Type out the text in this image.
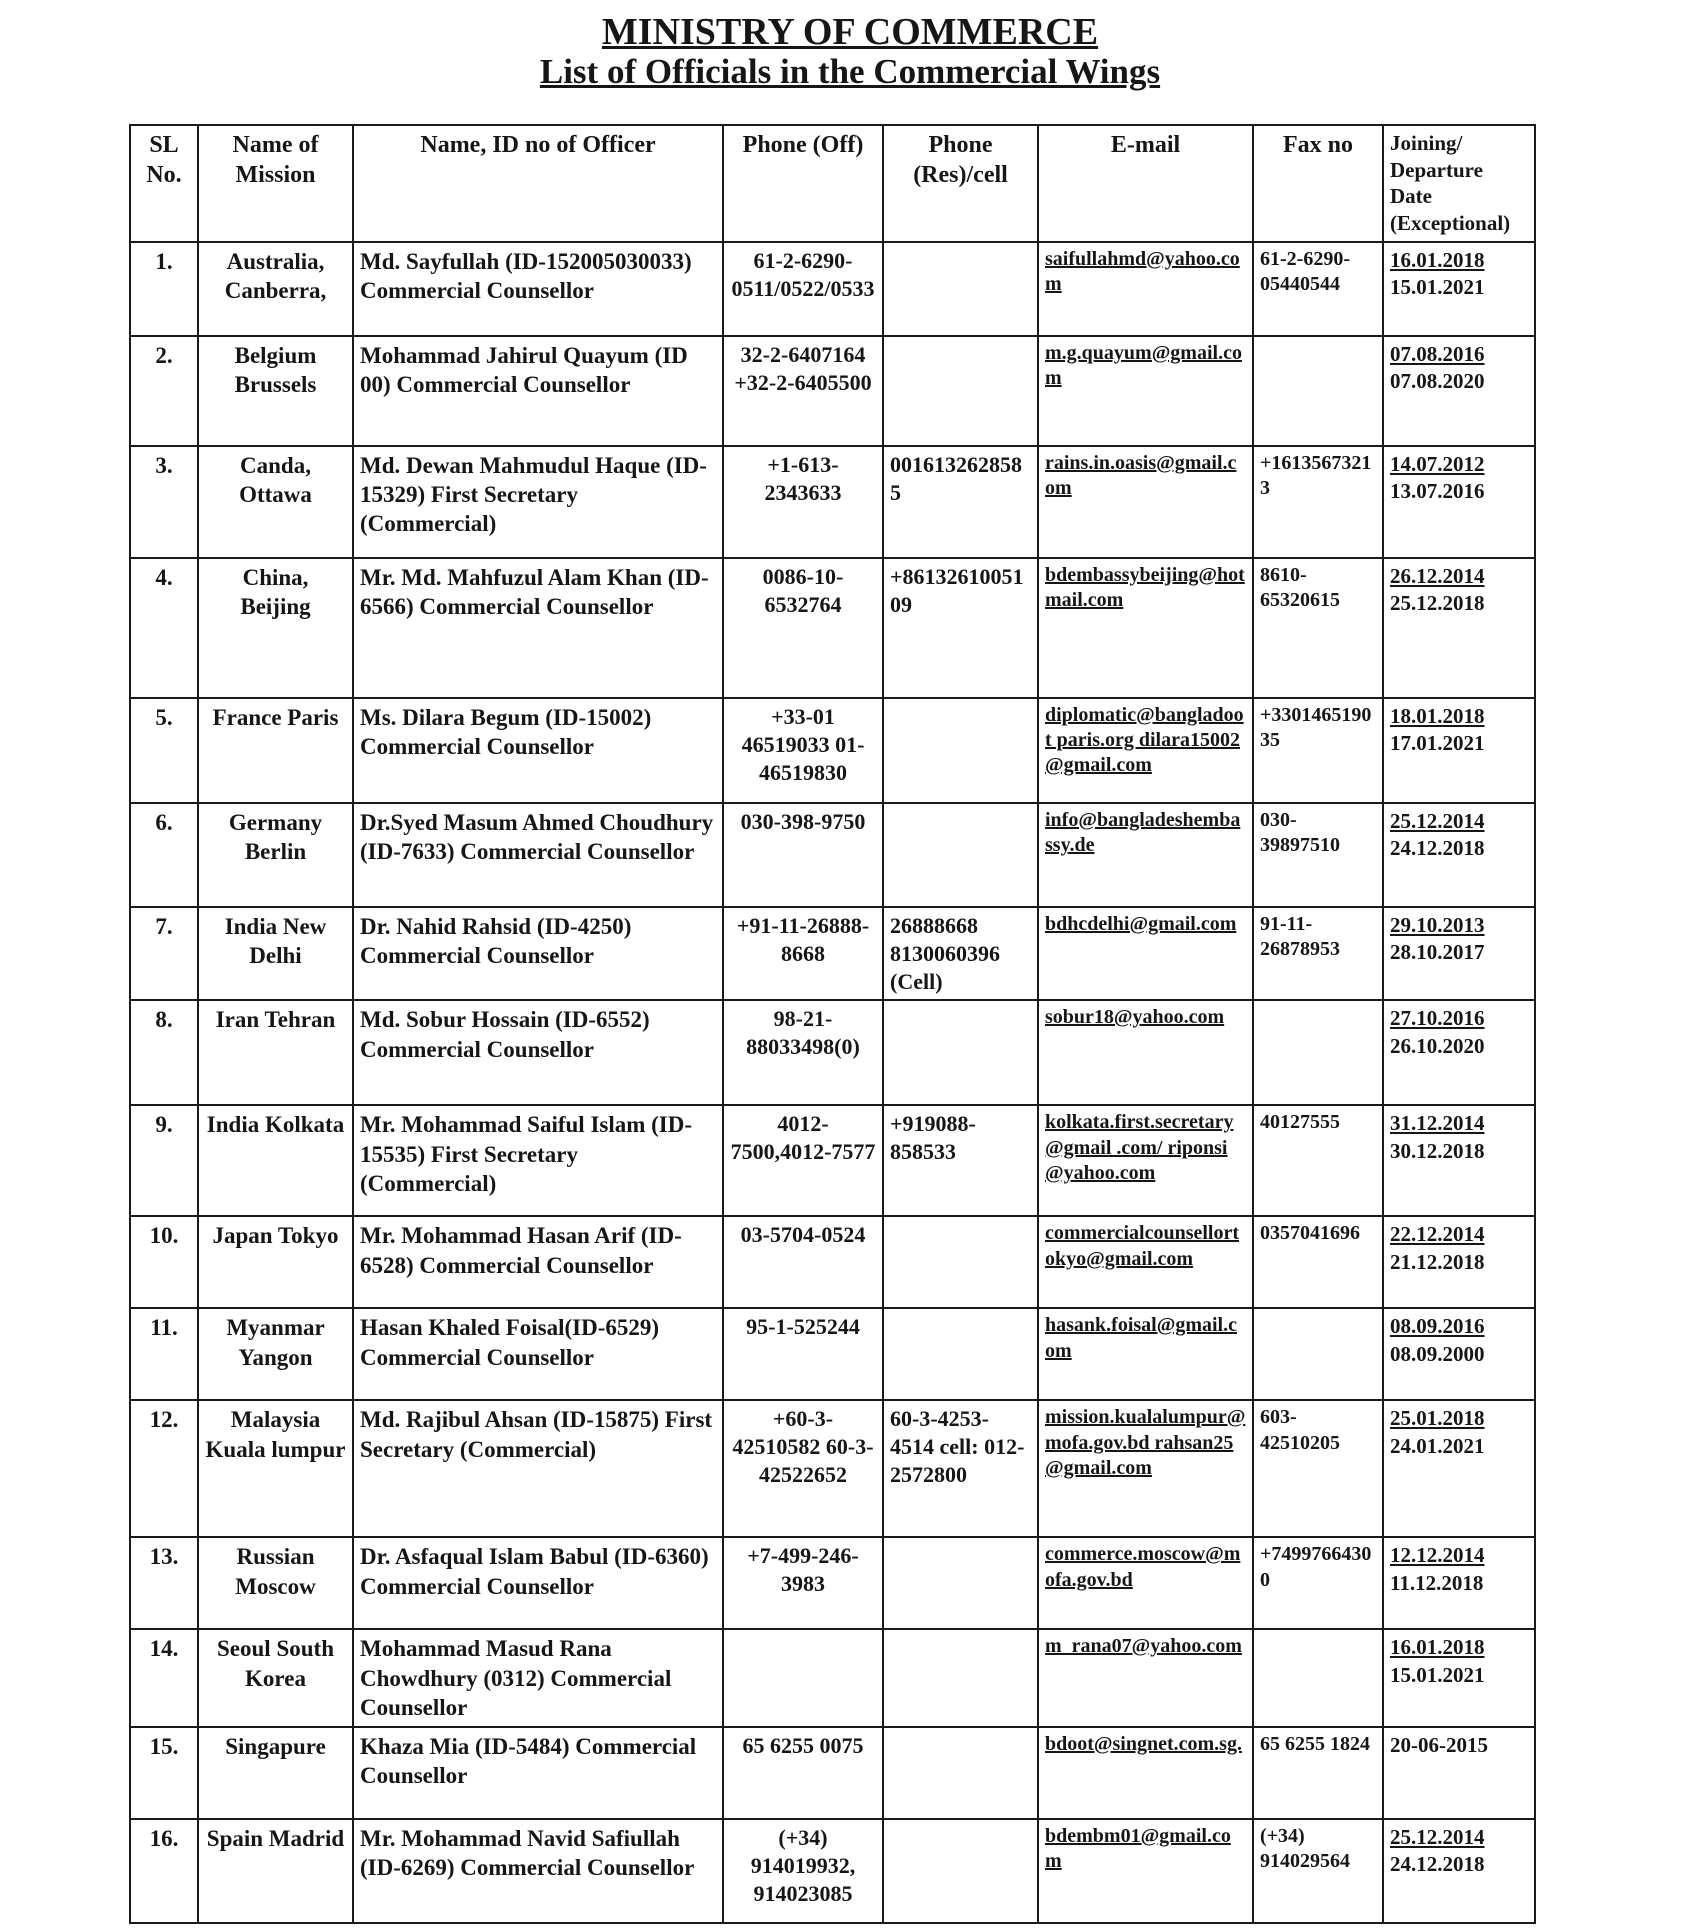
MINISTRY OF COMMERCE
List of Officials in the Commercial Wings
SL No.	Name of Mission	Name, ID no of Officer	Phone (Off)	Phone (Res)/cell	E-mail	Fax no	Joining/ Departure Date (Exceptional)
1.	Australia, Canberra,	Md. Sayfullah (ID-152005030033) Commercial Counsellor	61-2-6290-0511/0522/0533		saifullahmd@yahoo.com	61-2-6290-05440544	16.01.2018
15.01.2021

2.	Belgium Brussels	Mohammad Jahirul Quayum (ID 00) Commercial Counsellor	32-2-6407164 +32-2-6405500		m.g.quayum@gmail.com		07.08.2016
07.08.2020

3.	Canda, Ottawa	Md. Dewan Mahmudul Haque (ID-15329) First Secretary (Commercial)	+1-613-2343633	0016132628585	rains.in.oasis@gmail.com	+16135673213	14.07.2012
13.07.2016

4.	China, Beijing	Mr. Md. Mahfuzul Alam Khan (ID-6566) Commercial Counsellor	0086-10-6532764	+8613261005109	bdembassybeijing@hotmail.com	8610-65320615	26.12.2014
25.12.2018

5.	France Paris	Ms. Dilara Begum (ID-15002) Commercial Counsellor	+33-01 46519033 01-46519830		diplomatic@bangladoot paris.org dilara15002@gmail.com	+330146519035	18.01.2018
17.01.2021

6.	Germany Berlin	Dr.Syed Masum Ahmed Choudhury (ID-7633) Commercial Counsellor	030-398-9750		info@bangladeshembassy.de	030-39897510	25.12.2014
24.12.2018

7.	India New Delhi	Dr. Nahid Rahsid (ID-4250) Commercial Counsellor	+91-11-26888-8668	26888668 8130060396 (Cell)	bdhcdelhi@gmail.com	91-11-26878953	29.10.2013
28.10.2017

8.	Iran Tehran	Md. Sobur Hossain (ID-6552) Commercial Counsellor	98-21-88033498(0)		sobur18@yahoo.com		27.10.2016
26.10.2020

9.	India Kolkata	Mr. Mohammad Saiful Islam (ID-15535) First Secretary (Commercial)	4012-7500,4012-7577	+919088-858533	kolkata.first.secretary@gmail .com/ riponsi@yahoo.com	40127555	31.12.2014
30.12.2018

10.	Japan Tokyo	Mr. Mohammad Hasan Arif (ID-6528) Commercial Counsellor	03-5704-0524		commercialcounsellortokyo@gmail.com	0357041696	22.12.2014
21.12.2018

11.	Myanmar Yangon	Hasan Khaled Foisal(ID-6529) Commercial Counsellor	95-1-525244		hasank.foisal@gmail.com		08.09.2016
08.09.2000

12.	Malaysia Kuala lumpur	Md. Rajibul Ahsan (ID-15875) First Secretary (Commercial)	+60-3-42510582 60-3-42522652	60-3-4253-4514 cell: 012-2572800	mission.kualalumpur@mofa.gov.bd rahsan25@gmail.com	603-42510205	25.01.2018
24.01.2021

13.	Russian Moscow	Dr. Asfaqual Islam Babul (ID-6360) Commercial Counsellor	+7-499-246-3983		commerce.moscow@mofa.gov.bd	+74997664300	12.12.2014
11.12.2018

14.	Seoul South Korea	Mohammad Masud Rana Chowdhury (0312) Commercial Counsellor			m_rana07@yahoo.com		16.01.2018
15.01.2021

15.	Singapure	Khaza Mia (ID-5484) Commercial Counsellor	65 6255 0075		bdoot@singnet.com.sg.	65 6255 1824	20-06-2015

16.	Spain Madrid	Mr. Mohammad Navid Safiullah (ID-6269) Commercial Counsellor	(+34) 914019932, 914023085		bdembm01@gmail.com	(+34) 914029564	25.12.2014
24.12.2018
